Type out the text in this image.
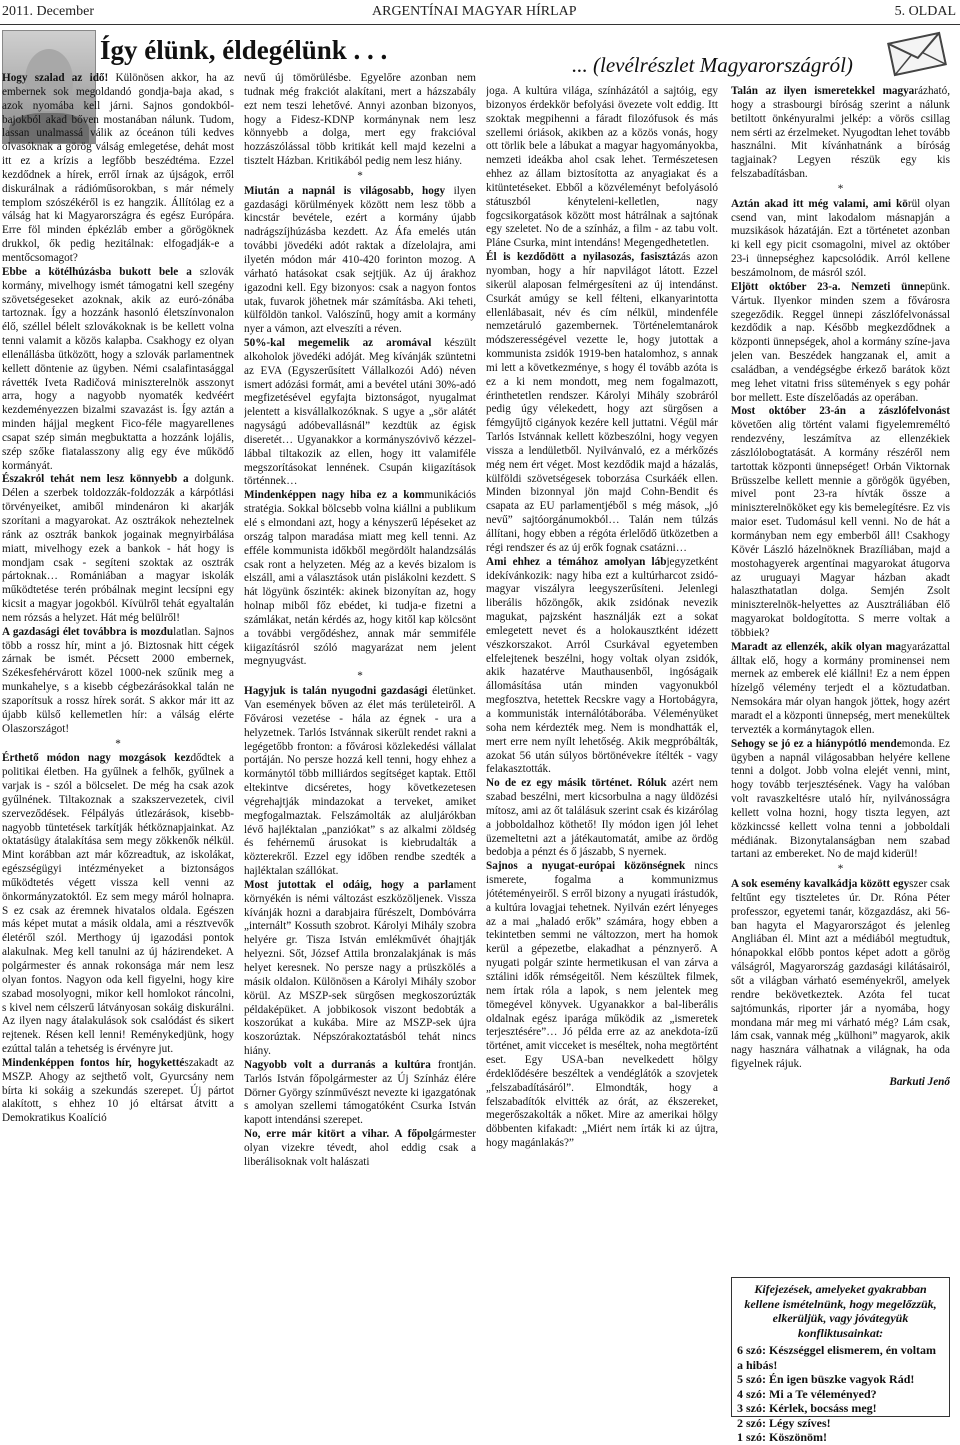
2011. December	ARGENTÍNAI MAGYAR HÍRLAP	5. OLDAL
Így élünk, éldegélünk . . .	... (levélrészlet Magyarországról)

Hogy szalad az idő! Különösen akkor, ha az embernek sok megoldandó gondja-baja akad, s azok nyomába kell járni. Sajnos gondokból-bajokból akad bőven mostanában nálunk. Tudom, lassan unalmassá válik az óceánon túli kedves olvasóknak a görög válság emlegetése, dehát most itt ez a krízis a legfőbb beszédtéma. Ezzel kezdődnek a hírek, erről írnak az újságok, erről diskurálnak a rádióműsorokban, s már némely templom szószékéről is ez hangzik. Állítólag ez a válság hat ki Magyarországra és egész Európára. Erre föl minden épkézláb ember a görögöknek drukkol, ők pedig hezitálnak: elfogadják-e a mentőcsomagot?

Ebbe a kötélhúzásba bukott bele a szlovák kormány, mivelhogy ismét támogatni kell szegény szövetségeseket azoknak, akik az euró-zónába tartoznak. Így a hozzánk hasonló életszínvonalon élő, széllel bélelt szlovákoknak is be kellett volna tenni valamit a közös kalapba. Csakhogy ez olyan ellenállásba ütközött, hogy a szlovák parlamentnek kellett döntenie az ügyben. Némi csalafintasággal rávették Iveta Radičová miniszterelnök asszonyt arra, hogy a nagyobb nyomaték kedvéért kezdeményezzen bizalmi szavazást is. Így aztán a minden hájjal megkent Fico-féle magyarellenes csapat szép simán megbuktatta a hozzánk lojális, szép szőke fiatalasszony alig egy éve működő kormányát.

Északról tehát nem lesz könnyebb a dolgunk. Délen a szerbek toldozzák-foldozzák a kárpótlási törvényeiket, amiből mindenáron ki akarják szorítani a magyarokat. Az osztrákok neheztelnek ránk az osztrák bankok jogainak megnyirbálása miatt, mivelhogy ezek a bankok - hát hogy is mondjam csak - segíteni szoktak az osztrák pártoknak… Romániában a magyar iskolák működtetése terén próbálnak megint lecsípni egy kicsit a magyar jogokból. Kívülről tehát egyaltalán nem rózsás a helyzet. Hát még belülről!

A gazdasági élet továbbra is mozdulatlan. Sajnos több a rossz hír, mint a jó. Biztosnak hitt cégek zárnak be ismét. Pécsett 2000 embernek, Székesfehérvárott közel 1000-nek szűnik meg a munkahelye, s a kisebb cégbezárásokkal talán ne szaporítsuk a rossz hírek sorát. S akkor már itt az újabb külső kellemetlen hír: a válság elérte Olaszországot!

*

Érthető módon nagy mozgások kezdődtek a politikai életben. Ha gyűlnek a felhők, gyűlnek a varjak is - szól a bölcselet. De még ha csak azok gyűlnének. Tiltakoznak a szakszervezetek, civil szerveződések. Félpályás útlezárások, kisebb-nagyobb tüntetések tarkítják hétköznapjainkat. Az oktatásügy átalakítása sem megy zökkenők nélkül. Mint korábban azt már kőzreadtuk, az iskolákat, egészségügyi intézményeket a biztonságos működtetés végett vissza kell venni az önkormányzatoktól. Ez sem megy máról holnapra. S ez csak az éremnek hivatalos oldala. Egészen más képet mutat a másik oldala, ami a résztvevők életéről szól. Merthogy új igazodási pontok alakulnak. Meg kell tanulni az új házirendeket. A polgármester és annak rokonsága már nem lesz olyan fontos. Nagyon oda kell figyelni, hogy kire szabad mosolyogni, mikor kell homlokot ráncolni, s kivel nem célszerű látványosan sokáig diskurálni. Az ilyen nagy átalakulások sok csalódást és sikert rejtenek. Résen kell lenni! Reménykedjünk, hogy ezúttal talán a tehetség is érvényre jut.

Mindenképpen fontos hír, hogykettészakadt az MSZP. Ahogy az sejthető volt, Gyurcsány nem bírta ki sokáig a szekundás szerepet. Új pártot alakított, s ehhez 10 jó eltársat átvitt a Demokratikus Koalíció

nevű új tömörülésbe. Egyelőre azonban nem tudnak még frakciót alakítani, mert a házszabály ezt nem teszi lehetővé. Annyi azonban bizonyos, hogy a Fidesz-KDNP kormánynak nem lesz könnyebb a dolga, mert egy frakcióval hozzászólással több kritikát kell majd kezelni a tisztelt Házban. Kritikából pedig nem lesz hiány.

*

Miután a napnál is világosabb, hogy ilyen gazdasági körülmények között nem lesz több a kincstár bevétele, ezért a kormány újabb nadrágszíjhúzásba kezdett. Az Áfa emelés után további jövedéki adót raktak a dízelolajra, ami ilyetén módon már 410-420 forinton mozog. A várható hatásokat csak sejtjük. Az új árakhoz igazodni kell. Egy bizonyos: csak a nagyon fontos utak, fuvarok jöhetnek már számításba. Aki teheti, külföldön tankol. Valószínű, hogy amit a kormány nyer a vámon, azt elveszíti a réven.

50%-kal megemelik az aromával készült alkoholok jövedéki adóját. Meg kívánják szüntetni az EVA (Egyszerűsített Vállalkozói Adó) néven ismert adózási formát, ami a bevétel utáni 30%-adó megfizetésével egyfajta biztonságot, nyugalmat jelentett a kisvállalkozóknak. S ugye a „sör alátét nagyságú adóbevallásnál” kezdtük az égisk diseretét… Ugyanakkor a kormányszóvivő kézzel-lábbal tiltakozik az ellen, hogy itt valamiféle megszorításokat lennének. Csupán kiigazítások történnek…

Mindenképpen nagy hiba ez a kommunikációs stratégia. Sokkal bölcsebb volna kiállni a publikum elé s elmondani azt, hogy a kényszerű lépéseket az ország talpon maradása miatt meg kell tenni. Az efféle kommunista időkből megördölt halandzsálás csak ront a helyzeten. Még az a kevés bizalom is elszáll, ami a választások után pislákolni kezdett. S hát lögyünk őszinték: akinek bizonyítan az, hogy holnap miből főz ebédet, ki tudja-e fizetni a számlákat, netán kérdés az, hogy kitől kap kölcsönt a további vergődéshez, annak már semmiféle kiigazításról szóló magyarázat nem jelent megnyugvást.

*

Hagyjuk is talán nyugodni gazdasági életünket. Van események bőven az élet más területeiről. A Fővárosi vezetése - hála az égnek - ura a helyzetnek. Tarlós Istvánnak sikerült rendet rakni a legégetőbb fronton: a fővárosi közlekedési vállalat portáján. No persze hozzá kell tenni, hogy ehhez a kormánytól több milliárdos segítséget kaptak. Ettől eltekintve dicséretes, hogy következetesen végrehajtják mindazokat a terveket, amiket megfogalmaztak. Felszámolták az aluljárókban lévő hajléktalan „panziókat” s az alkalmi zöldség és fehérnemű árusokat is kiebrudalták a közterekről. Ezzel egy időben rendbe szedték a hajléktalan szállókat.

Most jutottak el odáig, hogy a parlament környékén is némi változást eszközöljenek. Vissza kívánják hozni a darabjaira fűrészelt, Dombóvárra „internált” Kossuth szobrot. Károlyi Mihály szobra helyére gr. Tisza István emlékművét óhajtják helyezni. Sőt, József Attila bronzalakjának is más helyet keresnek. No persze nagy a prüszkölés a másik oldalon. Különösen a Károlyi Mihály szobor körül. Az MSZP-sek sürgősen megkoszorúzták példaképüket. A jobbikosok viszont bedobták a koszorúkat a kukába. Mire az MSZP-sek újra koszorúztak. Népszórakoztatásból tehát nincs hiány.

Nagyobb volt a durranás a kultúra frontján. Tarlós István főpolgármester az Új Színház élére Dörner György színművészt nevezte ki igazgatónak s amolyan szellemi támogatóként Csurka István kapott intendánsi szerepet.

No, erre már kitört a vihar. A főpolgármester olyan vizekre tévedt, ahol eddig csak a liberálisoknak volt halászati

joga. A kultúra világa, színházától a sajtóig, egy bizonyos érdekkör befolyási övezete volt eddig. Itt szoktak megpihenni a fáradt filozófusok és más szellemi óriások, akikben az a közös vonás, hogy ott törlik bele a lábukat a magyar hagyományokba, nemzeti ideákba ahol csak lehet. Természetesen ehhez az állam biztosította az anyagiakat és a kitüntetéseket. Ebből a közvéleményt befolyásoló státuszból kényteleni-kelletlen, nagy fogcsikorgatások között most hátrálnak a sajtónak egy szeletet. No de a színház, a film - az tabu volt. Pláne Csurka, mint intendáns! Megengedhetetlen.

Él is kezdődött a nyilasozás, fasisztázás azon nyomban, hogy a hír napvilágot látott. Ezzel sikerül alaposan felmérgesíteni az új intendánst. Csurkát amúgy se kell félteni, elkanyarintotta ellenlábasait, név és cím nélkül, mindenféle nemzetáruló gazembernek. Történelemtanárok módszerességével vezette le, hogy jutottak a kommunista zsidók 1919-ben hatalomhoz, s annak mi lett a következménye, s hogy él tovább azóta is ez a ki nem mondott, meg nem fogalmazott, érinthetetlen rendszer. Károlyi Mihály szobráról pedig úgy vélekedett, hogy azt sürgősen a fémgyűjtő cigányok kezére kell juttatni. Végül már Tarlós Istvánnak kellett közbeszólni, hogy vegyen vissza a lendületből. Nyilvánvaló, ez a mérkőzés még nem ért véget. Most kezdődik majd a házalás, külföldi szövetségesek toborzása Csurkáék ellen. Minden bizonnyal jön majd Cohn-Bendit és csapata az EU parlamentjéből s még mások, „jó nevű” sajtóorgánumokból… Talán nem túlzás állítani, hogy ebben a régóta érlelődő ütközetben a régi rendszer és az új erők fognak csatázni…

Ami ehhez a témához amolyan lábjegyzetként idekívánkozik: nagy hiba ezt a kultúrharcot zsidó-magyar viszályra leegyszerűsíteni. Jelenlegi liberális hőzöngők, akik zsidónak nevezik magukat, pajzsként használják ezt a sokat emlegetett nevet és a holokausztként idézett vészkorszakot. Arról Csurkával egyetemben elfelejtenek beszélni, hogy voltak olyan zsidók, akik hazatérve Mauthausenből, ingóságaik állomásítása után minden vagyonukból megfosztva, hetettek Recskre vagy a Hortobágyra, a kommunisták internálótáborába. Véleményüket soha nem kérdezték meg. Nem is mondhatták el, mert erre nem nyílt lehetőség. Akik megpróbálták, azokat 56 után súlyos börtönévekre ítélték - vagy felakasztották.

No de ez egy másik történet. Róluk azért nem szabad beszélni, mert kicsorbulna a nagy üldözési mítosz, ami az őt találásuk szerint csak és kizárólag a jobboldalhoz köthető! Ily módon igen jól lehet üzemeltetni azt a játékautomatát, amibe az ördög bedobja a pénzt és ő jászabb, S nyernek.

Sajnos a nyugat-európai közönségnek nincs ismerete, fogalma a kommunizmus jótéteményeiről. S erről bizony a nyugati írástudók, a kultúra lovagjai tehetnek. Nyilván ezért lényeges az a mai „haladó erők” számára, hogy ebben a tekintetben semmi ne változzon, mert ha homok kerül a gépezetbe, elakadhat a pénznyerő. A nyugati polgár szinte hermetikusan el van zárva a sztálini idők rémségeitől. Nem készültek filmek, nem írtak róla a lapok, s nem jelentek meg tömegével könyvek. Ugyanakkor a bal-liberális oldalnak egész iparága működik az „ismeretek terjesztésére”… Jó példa erre az az anekdota-ízű történet, amit vicceket is meséltek, noha megtörtént eset. Egy USA-ban nevelkedett hölgy érdeklődésére beszéltek a vendéglátók a szovjetek „felszabadításáról”. Elmondták, hogy a felszabadítók elvitték az órát, az ékszereket, megerőszakolták a nőket. Mire az amerikai hölgy döbbenten kifakadt: „Miért nem írták ki az újtra, hogy magánlakás?”

Talán az ilyen ismeretekkel magyarázható, hogy a strasbourgi bíróság szerint a nálunk betiltott önkényuralmi jelkép: a vörös csillag nem sérti az érzelmeket. Nyugodtan lehet tovább használni. Mit kívánhatnánk a bíróság tagjainak? Legyen részük egy kis felszabadításban.

*

Aztán akad itt még valami, ami körül olyan csend van, mint lakodalom másnapján a muzsikások házatáján. Ezt a történetet azonban ki kell egy picit csomagolni, mivel az október 23-i ünnepséghez kapcsolódik. Arról kellene beszámolnom, de másról szól.

Eljött október 23-a. Nemzeti ünnepünk. Vártuk. Ilyenkor minden szem a fővárosra szegeződik. Reggel ünnepi zászlófelvonással kezdődik a nap. Később megkezdődnek a központi ünnepségek, ahol a kormány színe-java jelen van. Beszédek hangzanak el, amit a családban, a vendégségbe érkező barátok közt meg lehet vitatni friss sütemények s egy pohár bor mellett. Este díszelőadás az operában.

Most október 23-án a zászlófelvonást követően alig történt valami figyelemreméltó rendezvény, leszámítva az ellenzékiek zászlólobogtatását. A kormány részéről nem tartottak központi ünnepséget! Orbán Viktornak Brüsszelbe kellett mennie a görögök ügyében, mivel pont 23-ra hívták össze a miniszterelnököket egy kis bemelegítésre. Ez vis maior eset. Tudomásul kell venni. No de hát a kormányban nem egy emberből áll! Csakhogy Kövér László házelnöknek Brazíliában, majd a mostohagyerek argentínai magyarokat átugorva az uruguayi Magyar házban akadt halaszthatatlan dolga. Semjén Zsolt miniszterelnök-helyettes az Ausztráliában élő magyarokat boldogította. S merre voltak a többiek?

Maradt az ellenzék, akik olyan magyarázattal álltak elő, hogy a kormány prominensei nem mernek az emberek elé kiállni! Ez a nem éppen hízelgő vélemény terjedt el a köztudatban. Nemsokára már olyan hangok jöttek, hogy azért maradt el a központi ünnepség, mert menekültek tervezték a kormánytagok ellen.

Sehogy se jó ez a hiánypótló mendemonda. Ez ügyben a napnál világosabban helyére kellene tenni a dolgot. Jobb volna elejét venni, mint, hogy tovább terjesztésének. Vagy ha valóban volt ravaszkeltésre utaló hír, nyilvánosságra kellett volna hozni, hogy tiszta legyen, azt közkincssé kellett volna tenni a jobboldali médiának. Bizonytalanságban nem szabad tartani az embereket. No de majd kiderül!

*

A sok esemény kavalkádja között egyszer csak feltűnt egy tiszteletes úr. Dr. Róna Péter professzor, egyetemi tanár, közgazdász, aki 56-ban hagyta el Magyarországot és jelenleg Angliában él. Mint azt a médiából megtudtuk, hónapokkal előbb pontos képet adott a görög válságról, Magyarország gazdasági kilátásairól, sőt a világban várható eseményekről, amelyek rendre bekövetkeztek. Azóta fel tucat sajtómunkás, riporter jár a nyomába, hogy mondana már meg mi várható még? Lám csak, lám csak, vannak még „külhoni” magyarok, akik nagy hasznára válhatnak a világnak, ha oda figyelnek rájuk.

Barkuti Jenő
Kifejezések, amelyeket gyakrabban kellene ismételnünk, hogy megelőzzük, elkerüljük, vagy jóvátegyük konfliktusainkat:
6 szó: Készséggel elismerem, én voltam a hibás!
5 szó: Én igen büszke vagyok Rád!
4 szó: Mi a Te véleményed?
3 szó: Kérlek, bocsáss meg!
2 szó: Légy szíves!
1 szó: Köszönöm!
